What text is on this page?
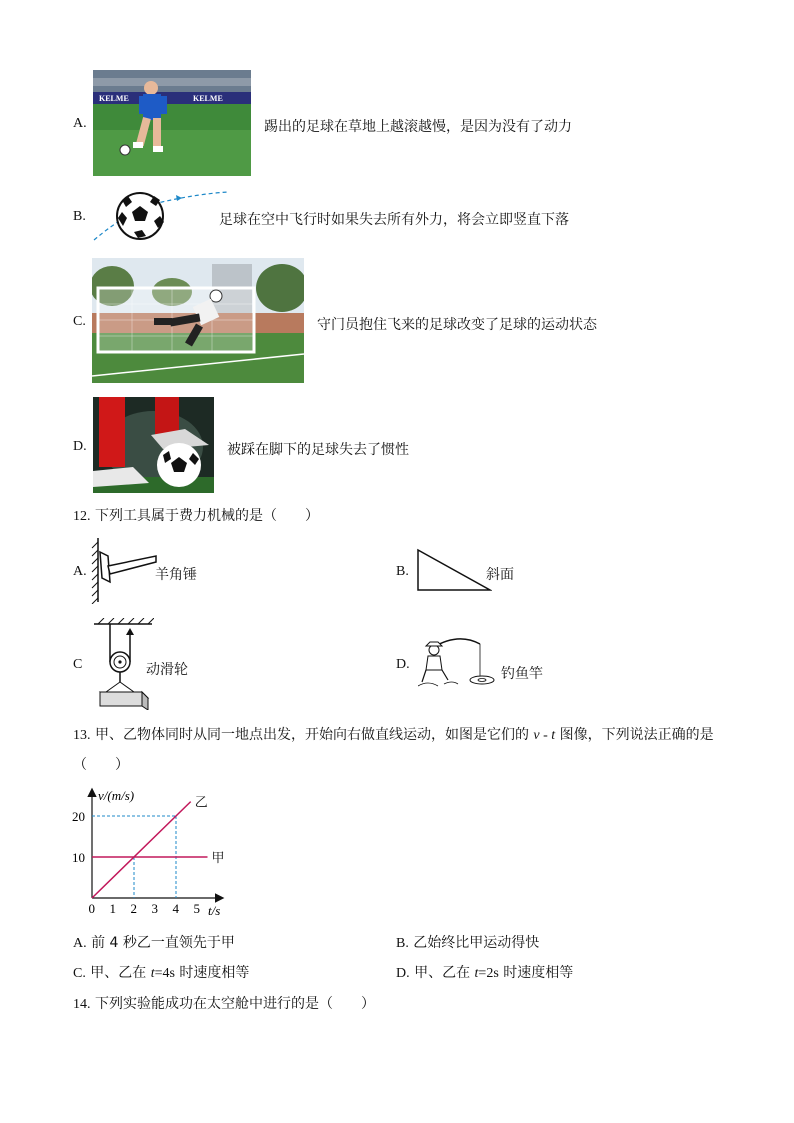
A.
KELME	KELME
踢出的足球在草地上越滚越慢，是因为没有了动力
B.	足球在空中飞行时如果失去所有外力，将会立即竖直下落
C.	守门员抱住飞来的足球改变了足球的运动状态
D.	被踩在脚下的足球失去了惯性
12. 下列工具属于费力机械的是（　　）
A.	羊角锤	B.	斜面
C	动滑轮	D.
钓鱼竿
13. 甲、乙物体同时从同一地点出发，开始向右做直线运动，如图是它们的 v - t 图像，下列说法正确的是
（　　）
0 1 2 3 4 5
10
20
v/(m/s)
t/s
甲
乙
A. 前 4 秒乙一直领先于甲	B. 乙始终比甲运动得快
C. 甲、乙在 t=4s 时速度相等	D. 甲、乙在 t=2s 时速度相等
14. 下列实验能成功在太空舱中进行的是（　　）
